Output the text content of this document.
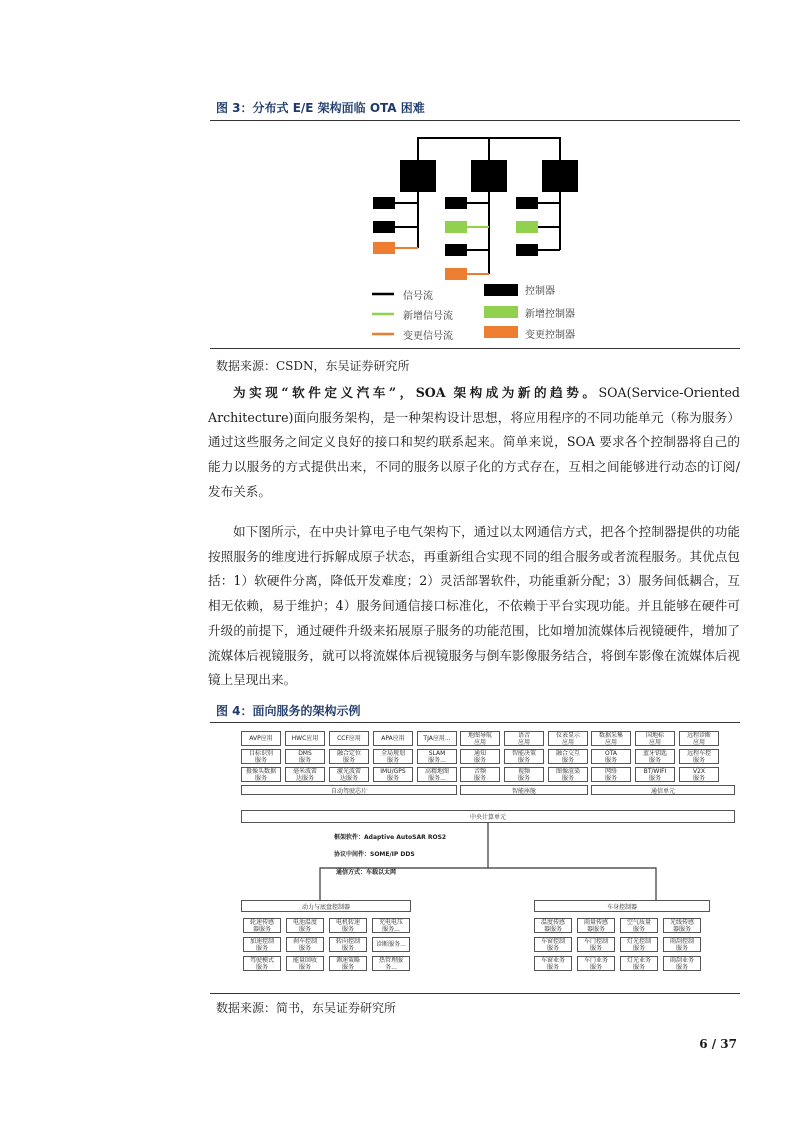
图 3：分布式 E/E 架构面临 OTA 困难
信号流
新增信号流
变更信号流
控制器
新增控制器
变更控制器
数据来源：CSDN，东吴证券研究所

为实现“软件定义汽车”，SOA 架构成为新的趋势。SOA(Service-Oriented Architecture)面向服务架构，是一种架构设计思想，将应用程序的不同功能单元（称为服务）通过这些服务之间定义良好的接口和契约联系起来。简单来说，SOA 要求各个控制器将自己的能力以服务的方式提供出来，不同的服务以原子化的方式存在，互相之间能够进行动态的订阅/发布关系。

如下图所示，在中央计算电子电气架构下，通过以太网通信方式，把各个控制器提供的功能按照服务的维度进行拆解成原子状态，再重新组合实现不同的组合服务或者流程服务。其优点包括：1）软硬件分离，降低开发难度；2）灵活部署软件，功能重新分配；3）服务间低耦合，互相无依赖，易于维护；4）服务间通信接口标准化，不依赖于平台实现功能。并且能够在硬件可升级的前提下，通过硬件升级来拓展原子服务的功能范围，比如增加流媒体后视镜硬件，增加了流媒体后视镜服务，就可以将流媒体后视镜服务与倒车影像服务结合，将倒车影像在流媒体后视镜上呈现出来。

图 4：面向服务的架构示例
AVP应用	HWC应用	CCF应用	APA应用	TJA应用...
目标识别
服务
DMS
服务
融合定位
服务
全局规划
服务
SLAM
服务...
摄像头数据
服务
毫米波雷
达服务
激光波雷
达服务
IMU/GPS
服务
高精地图
服务...
自动驾驶芯片
地图导航
应用
语音
应用
仪表显示
应用
通知
服务
智能决策
服务
融合交互
服务
音频
服务
视频
服务
图像渲染
服务
智能座舱
数据采集
应用
国地标
应用
远程诊断
应用
OTA
服务
蓝牙钥匙
服务
远程车控
服务
网络
服务
BT/WIFI
服务
V2X
服务
通信单元
中央计算单元
框架软件：Adaptive AutoSAR ROS2
协议中间件：SOME/IP DDS
通信方式：车载以太网
动力与底盘控制器
轮速传感
器服务
电池温度
服务
电机转速
服务
充电电压
服务...
加速控制
服务
刹车控制
服务
转向控制
服务	诊断服务...
驾驶模式
服务
能量回收
服务
调速策略
服务
热管理服
务...
车身控制器
温度传感
器服务
雨量传感
器服务
空气质量
服务
光线传感
器服务
车窗控制
服务
车门控制
服务
灯光控制
服务
雨刮控制
服务
车窗业务
服务
车门业务
服务
灯光业务
服务
雨刮业务
服务
数据来源：简书，东吴证券研究所
6 / 37
